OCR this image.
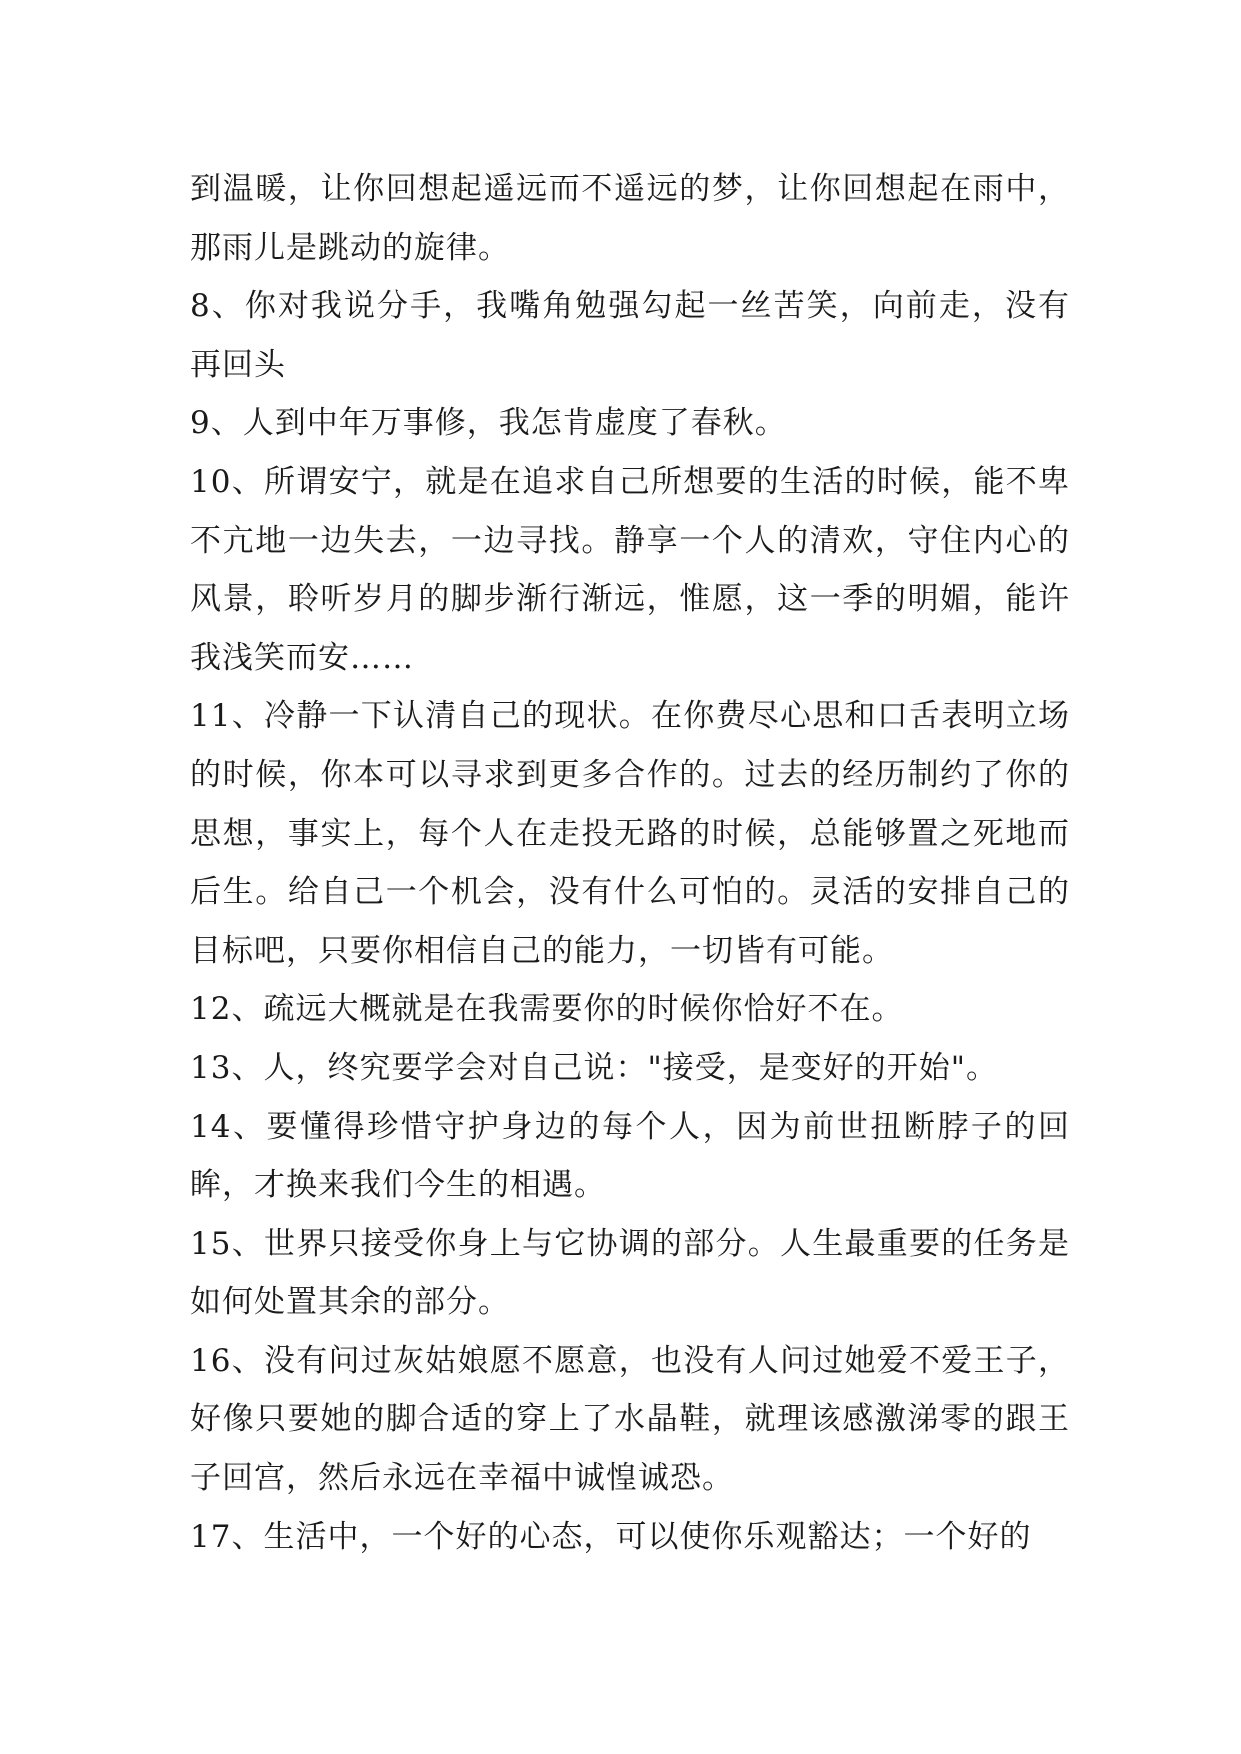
到温暖，让你回想起遥远而不遥远的梦，让你回想起在雨中，那雨儿是跳动的旋律。

8、你对我说分手，我嘴角勉强勾起一丝苦笑，向前走，没有再回头

9、人到中年万事修，我怎肯虚度了春秋。

10、所谓安宁，就是在追求自己所想要的生活的时候，能不卑不亢地一边失去，一边寻找。静享一个人的清欢，守住内心的风景，聆听岁月的脚步渐行渐远，惟愿，这一季的明媚，能许我浅笑而安……

11、冷静一下认清自己的现状。在你费尽心思和口舌表明立场的时候，你本可以寻求到更多合作的。过去的经历制约了你的思想，事实上，每个人在走投无路的时候，总能够置之死地而后生。给自己一个机会，没有什么可怕的。灵活的安排自己的目标吧，只要你相信自己的能力，一切皆有可能。

12、疏远大概就是在我需要你的时候你恰好不在。

13、人，终究要学会对自己说："接受，是变好的开始"。

14、要懂得珍惜守护身边的每个人，因为前世扭断脖子的回眸，才换来我们今生的相遇。

15、世界只接受你身上与它协调的部分。人生最重要的任务是如何处置其余的部分。

16、没有问过灰姑娘愿不愿意，也没有人问过她爱不爱王子，好像只要她的脚合适的穿上了水晶鞋，就理该感激涕零的跟王子回宫，然后永远在幸福中诚惶诚恐。

17、生活中，一个好的心态，可以使你乐观豁达；一个好的
